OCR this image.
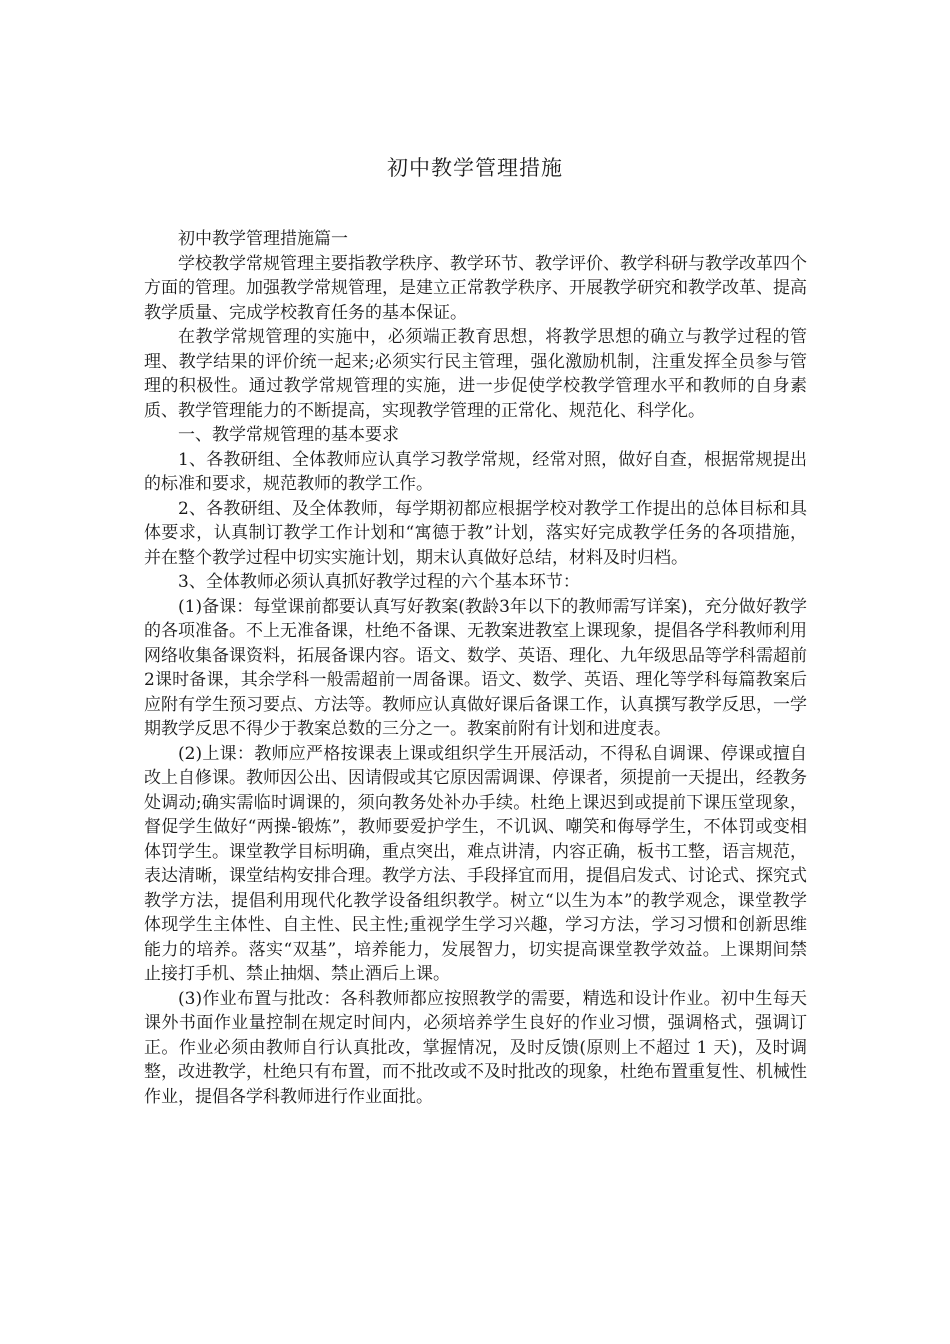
初中教学管理措施

初中教学管理措施篇一

学校教学常规管理主要指教学秩序、教学环节、教学评价、教学科研与教学改革四个方面的管理。加强教学常规管理，是建立正常教学秩序、开展教学研究和教学改革、提高教学质量、完成学校教育任务的基本保证。

在教学常规管理的实施中，必须端正教育思想，将教学思想的确立与教学过程的管理、教学结果的评价统一起来;必须实行民主管理，强化激励机制，注重发挥全员参与管理的积极性。通过教学常规管理的实施，进一步促使学校教学管理水平和教师的自身素质、教学管理能力的不断提高，实现教学管理的正常化、规范化、科学化。

一、教学常规管理的基本要求

1、各教研组、全体教师应认真学习教学常规，经常对照，做好自查，根据常规提出的标准和要求，规范教师的教学工作。

2、各教研组、及全体教师，每学期初都应根据学校对教学工作提出的总体目标和具体要求，认真制订教学工作计划和“寓德于教”计划，落实好完成教学任务的各项措施，并在整个教学过程中切实实施计划，期末认真做好总结，材料及时归档。

3、全体教师必须认真抓好教学过程的六个基本环节：

(1)备课：每堂课前都要认真写好教案(教龄3年以下的教师需写详案)，充分做好教学的各项准备。不上无准备课，杜绝不备课、无教案进教室上课现象，提倡各学科教师利用网络收集备课资料，拓展备课内容。语文、数学、英语、理化、九年级思品等学科需超前2课时备课，其余学科一般需超前一周备课。语文、数学、英语、理化等学科每篇教案后应附有学生预习要点、方法等。教师应认真做好课后备课工作，认真撰写教学反思，一学期教学反思不得少于教案总数的三分之一。教案前附有计划和进度表。

(2)上课：教师应严格按课表上课或组织学生开展活动，不得私自调课、停课或擅自改上自修课。教师因公出、因请假或其它原因需调课、停课者，须提前一天提出，经教务处调动;确实需临时调课的，须向教务处补办手续。杜绝上课迟到或提前下课压堂现象，督促学生做好“两操-锻炼”，教师要爱护学生，不讥讽、嘲笑和侮辱学生，不体罚或变相体罚学生。课堂教学目标明确，重点突出，难点讲清，内容正确，板书工整，语言规范，表达清晰，课堂结构安排合理。教学方法、手段择宜而用，提倡启发式、讨论式、探究式教学方法，提倡利用现代化教学设备组织教学。树立“以生为本”的教学观念，课堂教学体现学生主体性、自主性、民主性;重视学生学习兴趣，学习方法，学习习惯和创新思维能力的培养。落实“双基”，培养能力，发展智力，切实提高课堂教学效益。上课期间禁止接打手机、禁止抽烟、禁止酒后上课。

(3)作业布置与批改：各科教师都应按照教学的需要，精选和设计作业。初中生每天课外书面作业量控制在规定时间内，必须培养学生良好的作业习惯，强调格式，强调订正。作业必须由教师自行认真批改，掌握情况，及时反馈(原则上不超过 1 天)，及时调整，改进教学，杜绝只有布置，而不批改或不及时批改的现象，杜绝布置重复性、机械性作业，提倡各学科教师进行作业面批。
